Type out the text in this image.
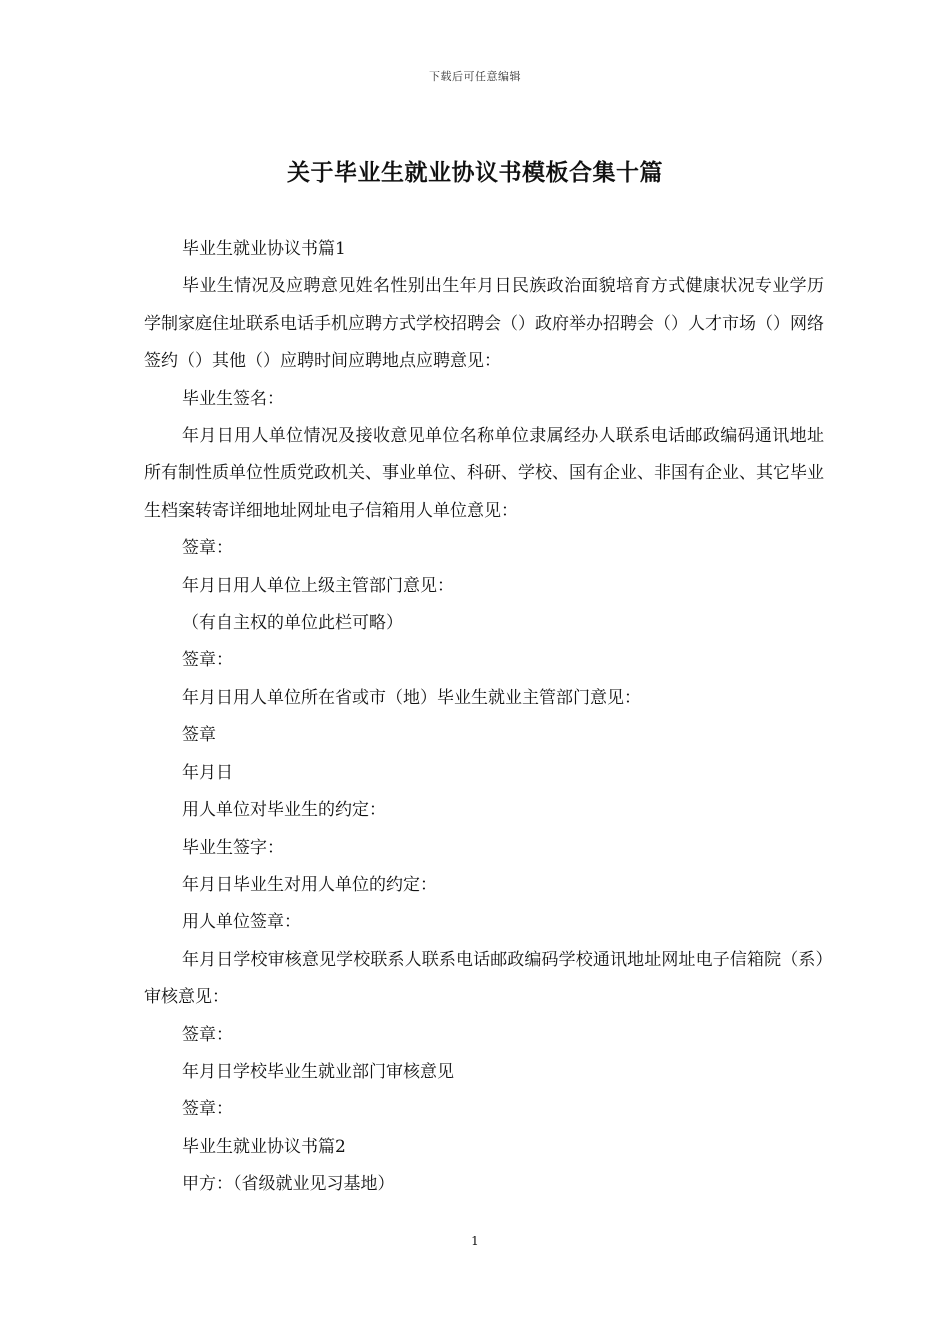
下载后可任意编辑
关于毕业生就业协议书模板合集十篇

毕业生就业协议书篇1

毕业生情况及应聘意见姓名性别出生年月日民族政治面貌培育方式健康状况专业学历学制家庭住址联系电话手机应聘方式学校招聘会（）政府举办招聘会（）人才市场（）网络签约（）其他（）应聘时间应聘地点应聘意见：

毕业生签名：

年月日用人单位情况及接收意见单位名称单位隶属经办人联系电话邮政编码通讯地址所有制性质单位性质党政机关、事业单位、科研、学校、国有企业、非国有企业、其它毕业生档案转寄详细地址网址电子信箱用人单位意见：

签章：

年月日用人单位上级主管部门意见：

（有自主权的单位此栏可略）

签章：

年月日用人单位所在省或市（地）毕业生就业主管部门意见：

签章

年月日

用人单位对毕业生的约定：

毕业生签字：

年月日毕业生对用人单位的约定：

用人单位签章：

年月日学校审核意见学校联系人联系电话邮政编码学校通讯地址网址电子信箱院（系）审核意见：

签章：

年月日学校毕业生就业部门审核意见

签章：

毕业生就业协议书篇2

甲方：（省级就业见习基地）

1
